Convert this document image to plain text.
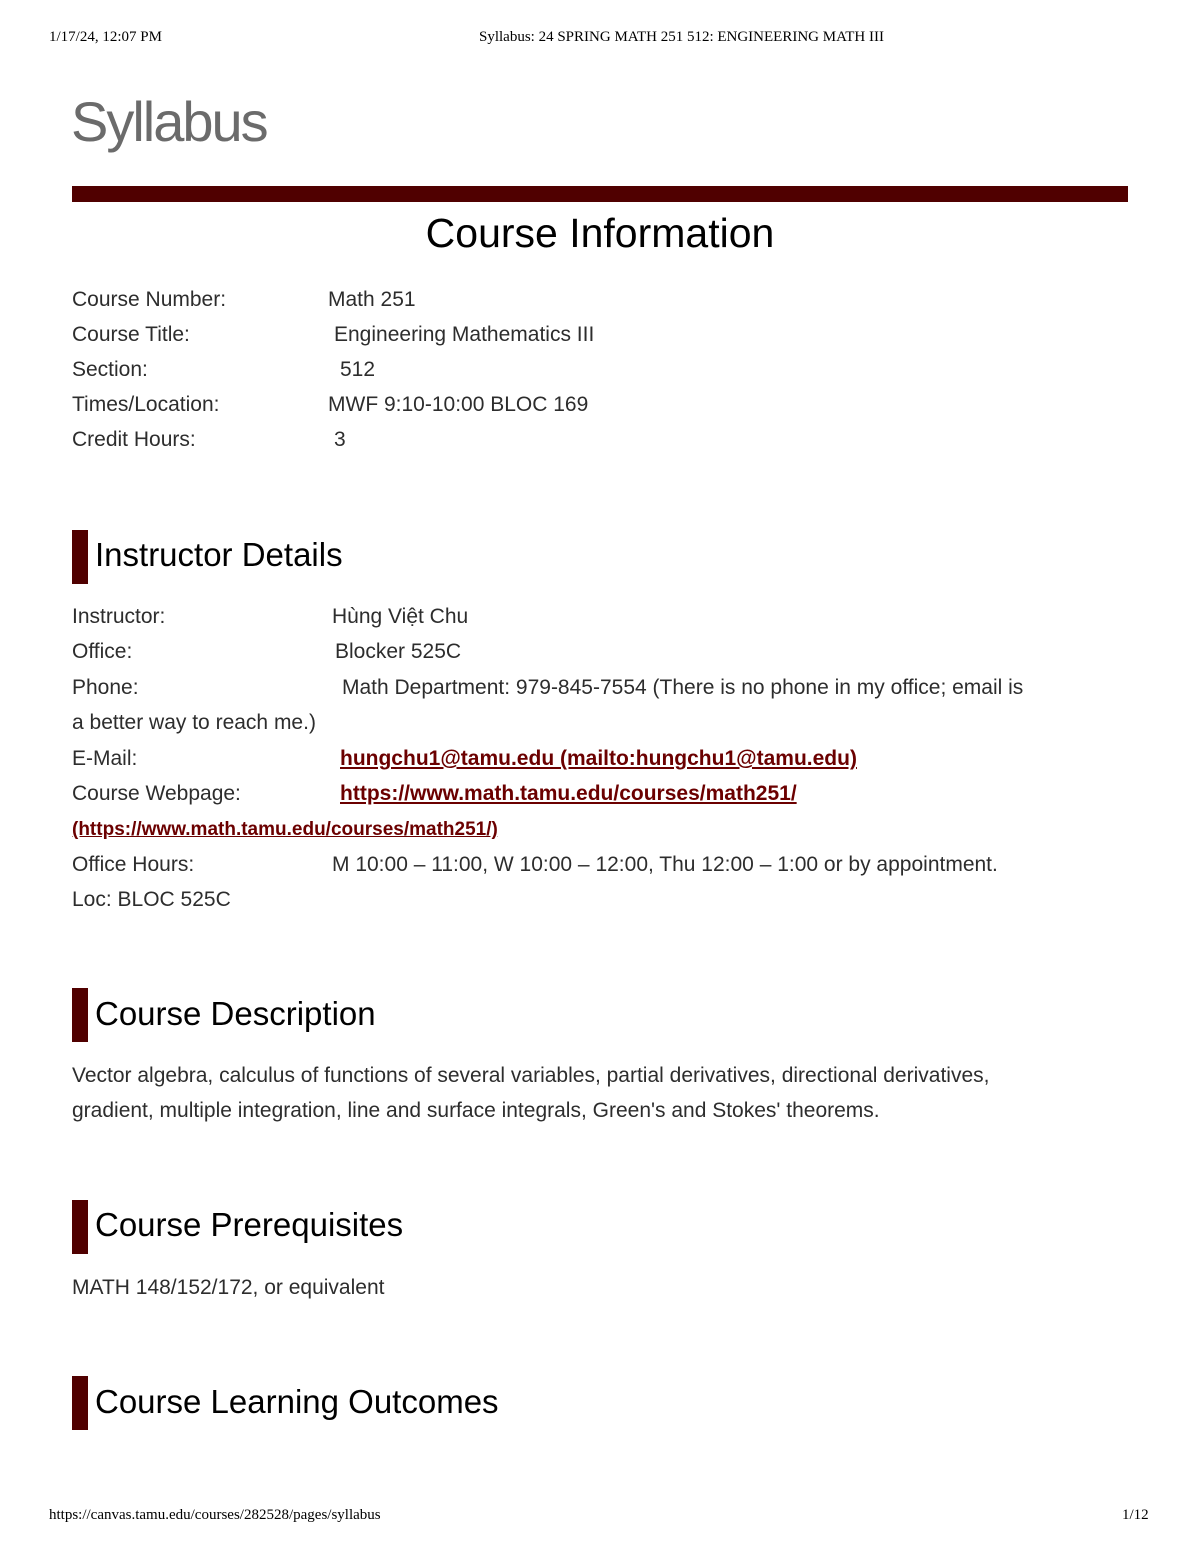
1/17/24, 12:07 PM	Syllabus: 24 SPRING MATH 251 512: ENGINEERING MATH III
https://canvas.tamu.edu/courses/282528/pages/syllabus	1/12
Syllabus
Course Information
Course Number:	Math 251
Course Title:	Engineering Mathematics III
Section:	512
Times/Location:	MWF 9:10-10:00 BLOC 169
Credit Hours:	3
Instructor Details
Instructor:	Hùng Việt Chu
Office:	Blocker 525C
Phone:	Math Department: 979-845-7554 (There is no phone in my office; email is
a better way to reach me.)
E-Mail:	hungchu1@tamu.edu (mailto:hungchu1@tamu.edu)
Course Webpage:	https://www.math.tamu.edu/courses/math251/
(https://www.math.tamu.edu/courses/math251/)
Office Hours:	M 10:00 – 11:00, W 10:00 – 12:00, Thu 12:00 – 1:00 or by appointment.
Loc: BLOC 525C
Course Description

Vector algebra, calculus of functions of several variables, partial derivatives, directional derivatives,

gradient, multiple integration, line and surface integrals, Green's and Stokes' theorems.

Course Prerequisites

MATH 148/152/172, or equivalent

Course Learning Outcomes
